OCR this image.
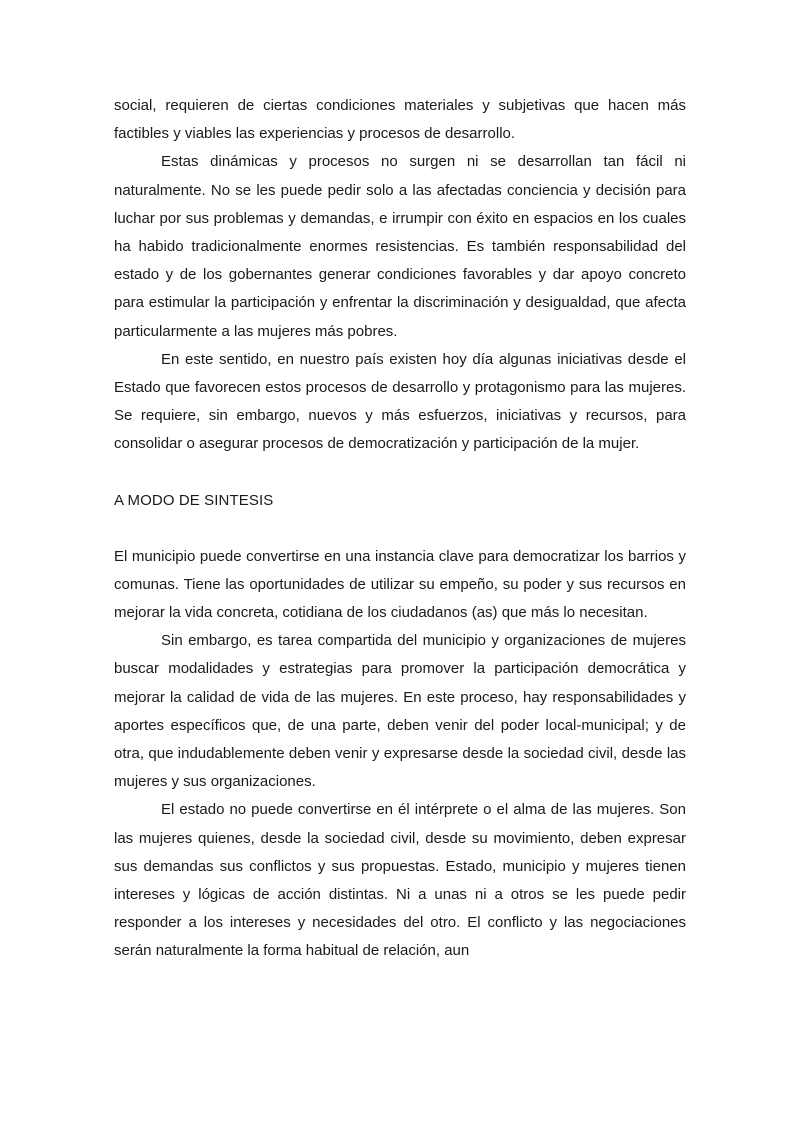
social, requieren de ciertas condiciones materiales y subjetivas que hacen más factibles y viables las experiencias y procesos de desarrollo.

Estas dinámicas y procesos no surgen ni se desarrollan tan fácil ni naturalmente. No se les puede pedir solo a las afectadas conciencia y decisión para luchar por sus problemas y demandas, e irrumpir con éxito en espacios en los cuales ha habido tradicionalmente enormes resistencias. Es también responsabilidad del estado y de los gobernantes generar condiciones favorables y dar apoyo concreto para estimular la participación y enfrentar la discriminación y desigualdad, que afecta particularmente a las mujeres más pobres.

En este sentido, en nuestro país existen hoy día algunas iniciativas desde el Estado que favorecen estos procesos de desarrollo y protagonismo para las mujeres. Se requiere, sin embargo, nuevos y más esfuerzos, iniciativas y recursos, para consolidar o asegurar procesos de democratización y participación de la mujer.

A MODO DE SINTESIS

El municipio puede convertirse en una instancia clave para democratizar los barrios y comunas. Tiene las oportunidades de utilizar su empeño, su poder y sus recursos en mejorar la vida concreta, cotidiana de los ciudadanos (as) que más lo necesitan.

Sin embargo, es tarea compartida del municipio y organizaciones de mujeres buscar modalidades y estrategias para promover la participación democrática y mejorar la calidad de vida de las mujeres. En este proceso, hay responsabilidades y aportes específicos que, de una parte, deben venir del poder local-municipal; y de otra, que indudablemente deben venir y expresarse desde la sociedad civil, desde las mujeres y sus organizaciones.

El estado no puede convertirse en él intérprete o el alma de las mujeres. Son las mujeres quienes, desde la sociedad civil, desde su movimiento, deben expresar sus demandas sus conflictos y sus propuestas. Estado, municipio y mujeres tienen intereses y lógicas de acción distintas. Ni a unas ni a otros se les puede pedir responder a los intereses y necesidades del otro. El conflicto y las negociaciones serán naturalmente la forma habitual de relación, aun
